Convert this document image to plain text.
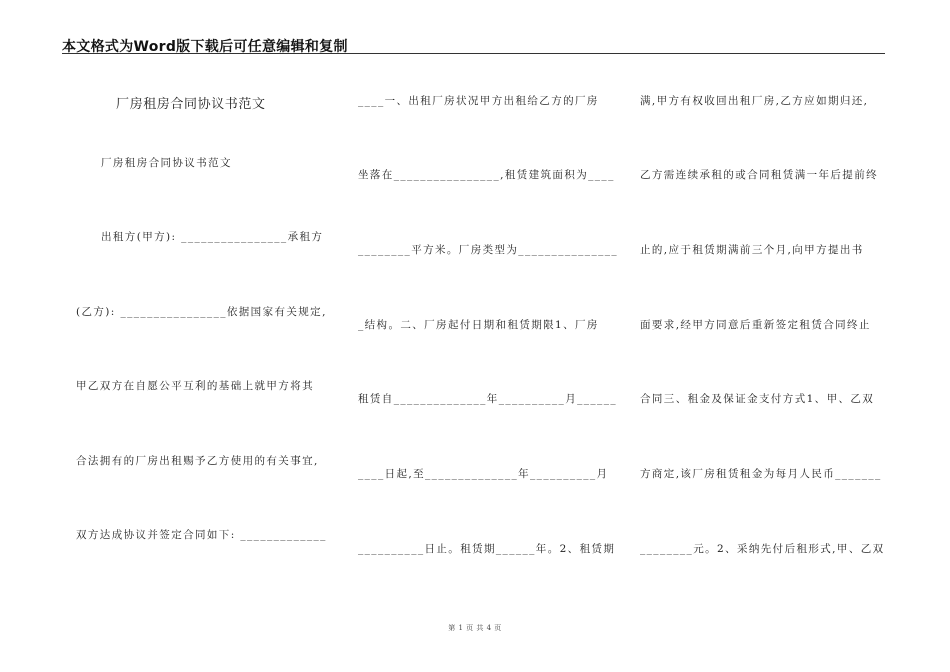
本文格式为Word版下载后可任意编辑和复制
厂房租房合同协议书范文
厂房租房合同协议书范文
出租方(甲方): ________________承租方
(乙方): ________________依据国家有关规定,
甲乙双方在自愿公平互利的基础上就甲方将其
合法拥有的厂房出租赐予乙方使用的有关事宜,
双方达成协议并签定合同如下: _____________
____一、出租厂房状况甲方出租给乙方的厂房
坐落在________________,租赁建筑面积为____
________平方米。厂房类型为_______________
_结构。二、厂房起付日期和租赁期限1、厂房
租赁自______________年__________月______
____日起,至______________年__________月
__________日止。租赁期______年。2、租赁期
满,甲方有权收回出租厂房,乙方应如期归还,
乙方需连续承租的或合同租赁满一年后提前终
止的,应于租赁期满前三个月,向甲方提出书
面要求,经甲方同意后重新签定租赁合同终止
合同三、租金及保证金支付方式1、甲、乙双
方商定,该厂房租赁租金为每月人民币_______
________元。2、采纳先付后租形式,甲、乙双
第 1 页 共 4 页
